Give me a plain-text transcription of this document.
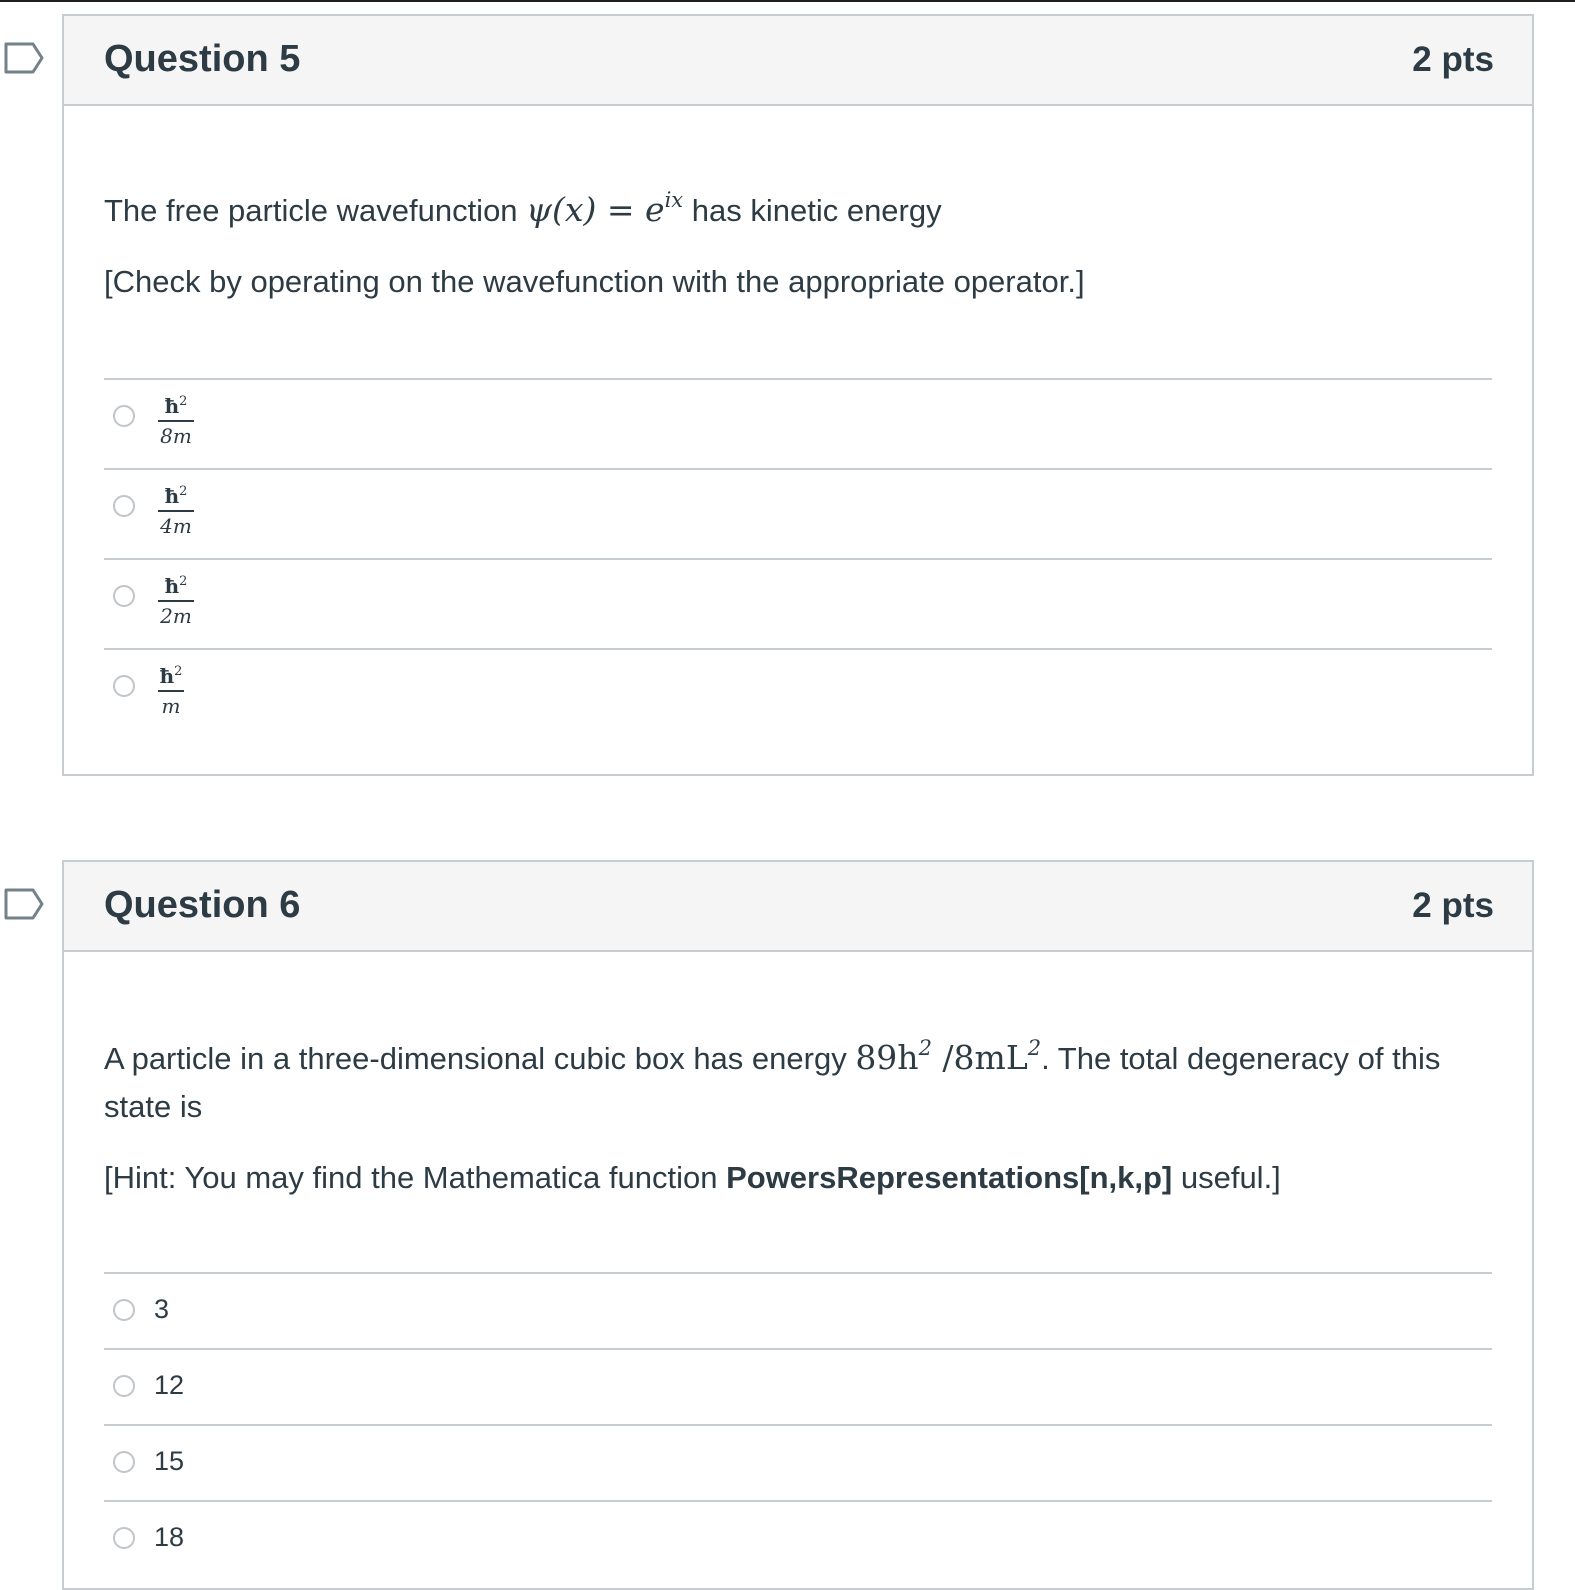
Question 5	2 pts
The free particle wavefunction $\psi(x) = e^{ix}$ has kinetic energy
[Check by operating on the wavefunction with the appropriate operator.]
$ħ^2$
8m
$ħ^2$
4m
$ħ^2$
2m
$ħ^2$
m
Question 6	2 pts
A particle in a three-dimensional cubic box has energy $89h^2$ $/8mL^2$. The total degeneracy of this state is
[Hint: You may find the Mathematica function PowersRepresentations[n,k,p] useful.]
3
12
15
18
